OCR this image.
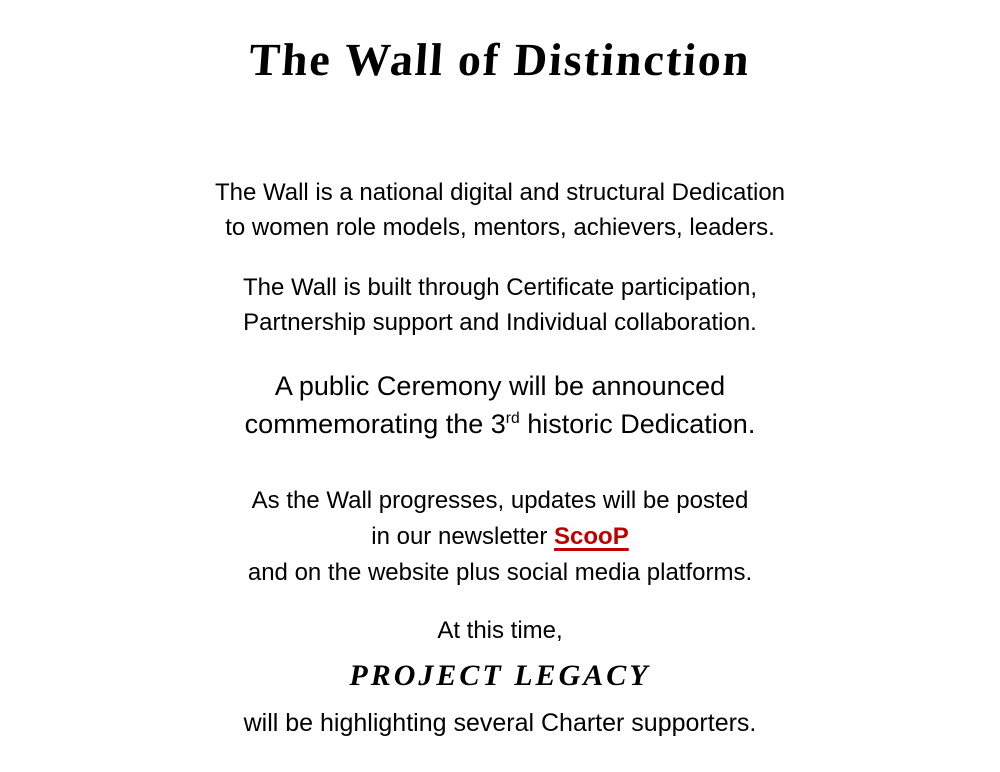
The Wall of Distinction

The Wall is a national digital and structural Dedication
to women role models, mentors, achievers, leaders.

The Wall is built through Certificate participation,
Partnership support and Individual collaboration.

A public Ceremony will be announced
commemorating the 3rd historic Dedication.

As the Wall progresses, updates will be posted
in our newsletter ScooP
and on the website plus social media platforms.

At this time,

PROJECT LEGACY

will be highlighting several Charter supporters.
